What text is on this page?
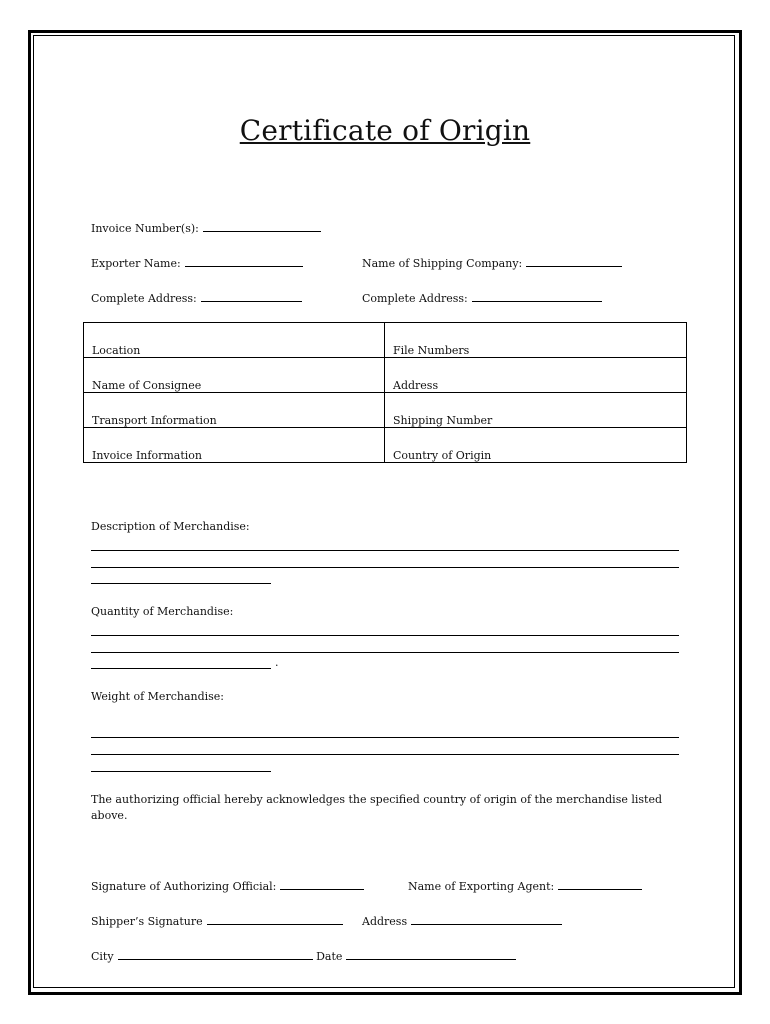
Certificate of Origin
Invoice Number(s):
Exporter Name:	Name of Shipping Company:
Complete Address:	Complete Address:
Location	File Numbers
Name of Consignee	Address
Transport Information	Shipping Number
Invoice Information	Country of Origin
Description of Merchandise:
Quantity of Merchandise:
.
Weight of Merchandise:
The authorizing official hereby acknowledges the specified country of origin of the merchandise listed above.
Signature of Authorizing Official:	Name of Exporting Agent:
Shipper’s Signature	Address
City	Date
